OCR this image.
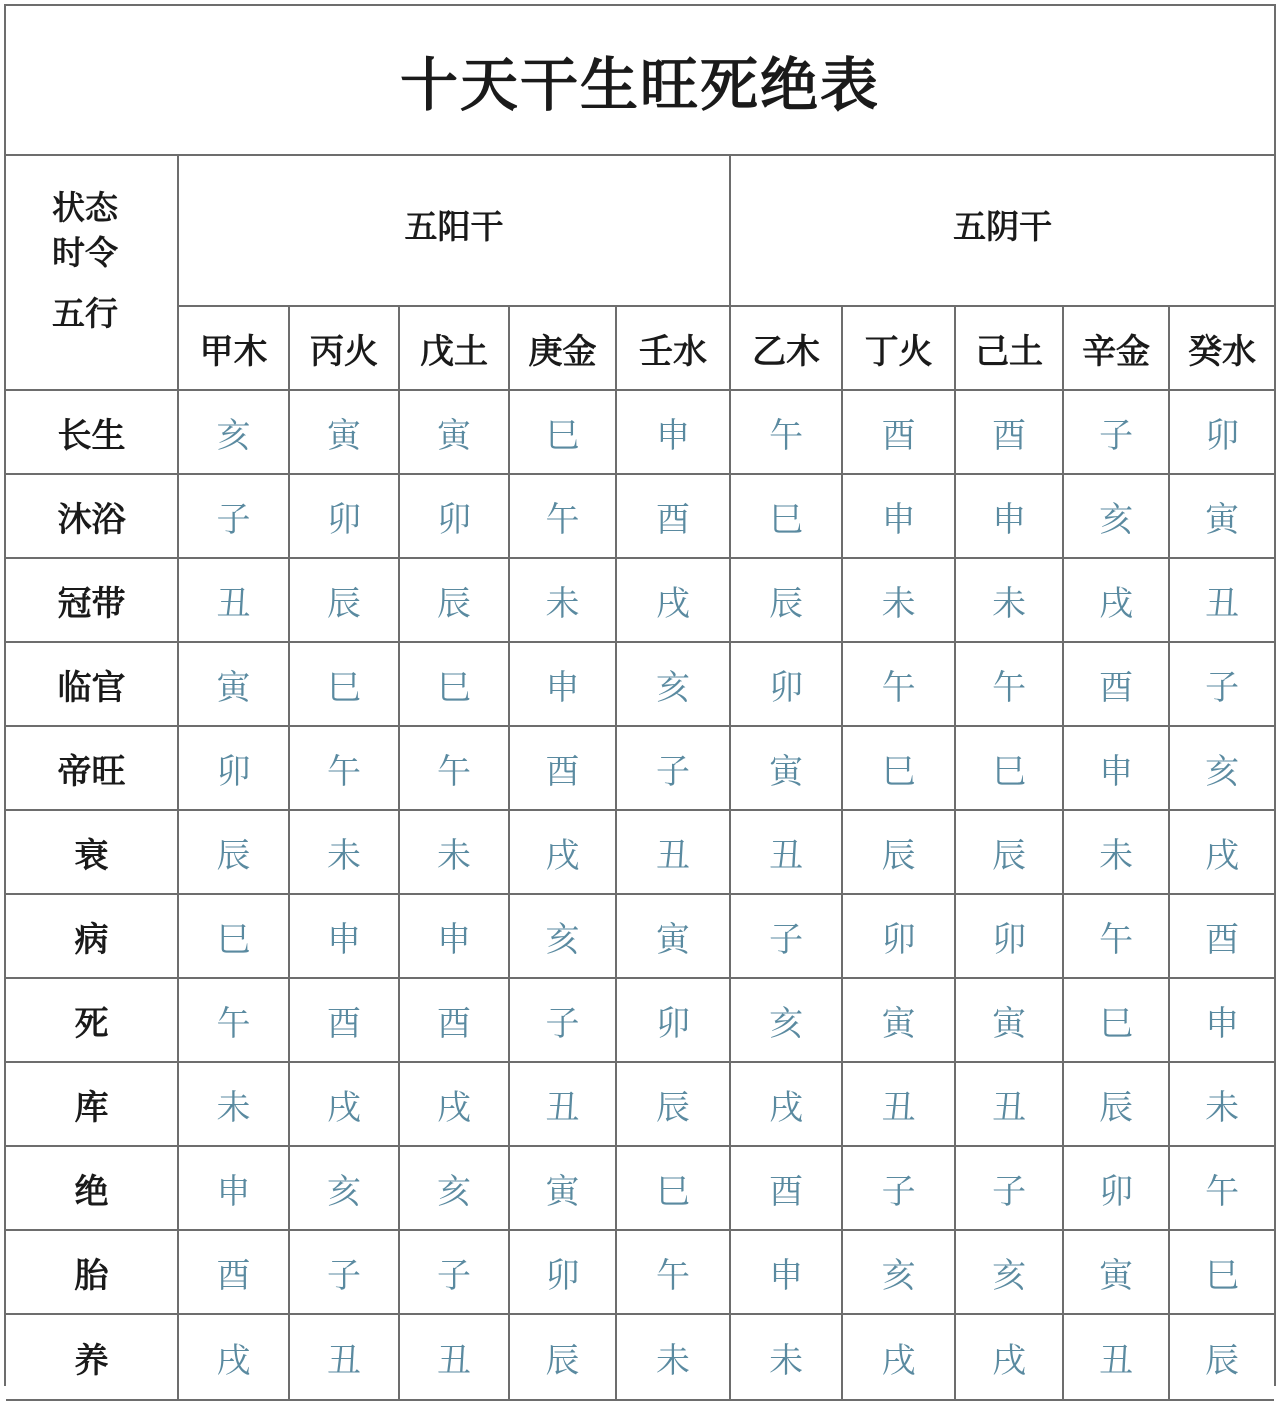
十天干生旺死绝表
状态
时令
五行	五阳干					五阴干				
	甲木	丙火	戊土	庚金	壬水	乙木	丁火	己土	辛金	癸水
长生	亥	寅	寅	巳	申	午	酉	酉	子	卯
沐浴	子	卯	卯	午	酉	巳	申	申	亥	寅
冠带	丑	辰	辰	未	戌	辰	未	未	戌	丑
临官	寅	巳	巳	申	亥	卯	午	午	酉	子
帝旺	卯	午	午	酉	子	寅	巳	巳	申	亥
衰	辰	未	未	戌	丑	丑	辰	辰	未	戌
病	巳	申	申	亥	寅	子	卯	卯	午	酉
死	午	酉	酉	子	卯	亥	寅	寅	巳	申
库	未	戌	戌	丑	辰	戌	丑	丑	辰	未
绝	申	亥	亥	寅	巳	酉	子	子	卯	午
胎	酉	子	子	卯	午	申	亥	亥	寅	巳
养	戌	丑	丑	辰	未	未	戌	戌	丑	辰
